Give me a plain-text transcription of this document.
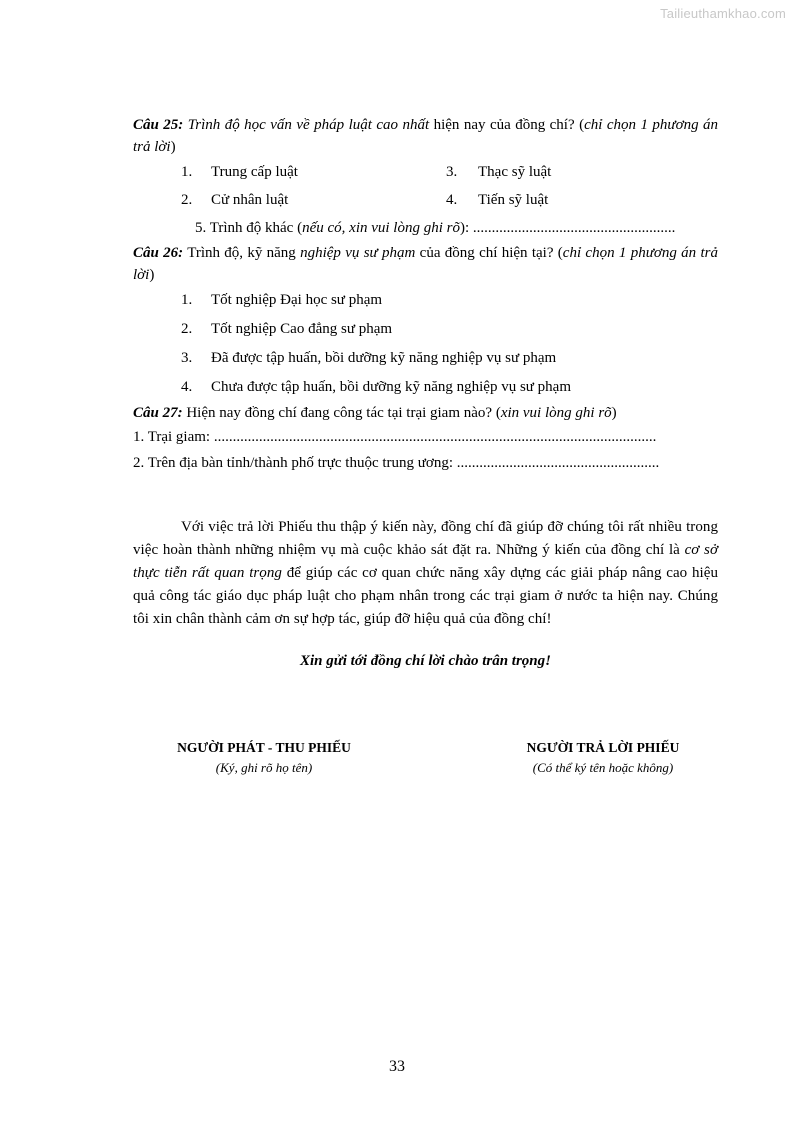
Tailieuthamkhao.com

Câu 25: Trình độ học vấn về pháp luật cao nhất hiện nay của đồng chí? (chỉ chọn 1 phương án trả lời)

1.	Trung cấp luật	3.	Thạc sỹ luật
2.	Cử nhân luật	4.	Tiến sỹ luật
5. Trình độ khác (nếu có, xin vui lòng ghi rõ): ......................................................

Câu 26: Trình độ, kỹ năng nghiệp vụ sư phạm của đồng chí hiện tại? (chỉ chọn 1 phương án trả lời)

1.	Tốt nghiệp Đại học sư phạm
2.	Tốt nghiệp Cao đẳng sư phạm
3.	Đã được tập huấn, bồi dưỡng kỹ năng nghiệp vụ sư phạm
4.	Chưa được tập huấn, bồi dưỡng kỹ năng nghiệp vụ sư phạm

Câu 27: Hiện nay đồng chí đang công tác tại trại giam nào? (xin vui lòng ghi rõ)

1. Trại giam: ......................................................................................................................
2. Trên địa bàn tỉnh/thành phố trực thuộc trung ương: ......................................................

Với việc trả lời Phiếu thu thập ý kiến này, đồng chí đã giúp đỡ chúng tôi rất nhiều trong việc hoàn thành những nhiệm vụ mà cuộc khảo sát đặt ra. Những ý kiến của đồng chí là cơ sở thực tiễn rất quan trọng để giúp các cơ quan chức năng xây dựng các giải pháp nâng cao hiệu quả công tác giáo dục pháp luật cho phạm nhân trong các trại giam ở nước ta hiện nay. Chúng tôi xin chân thành cảm ơn sự hợp tác, giúp đỡ hiệu quả của đồng chí!

Xin gửi tới đồng chí lời chào trân trọng!
NGƯỜI PHÁT - THU PHIẾU
(Ký, ghi rõ họ tên)
NGƯỜI TRẢ LỜI PHIẾU
(Có thể ký tên hoặc không)
33
